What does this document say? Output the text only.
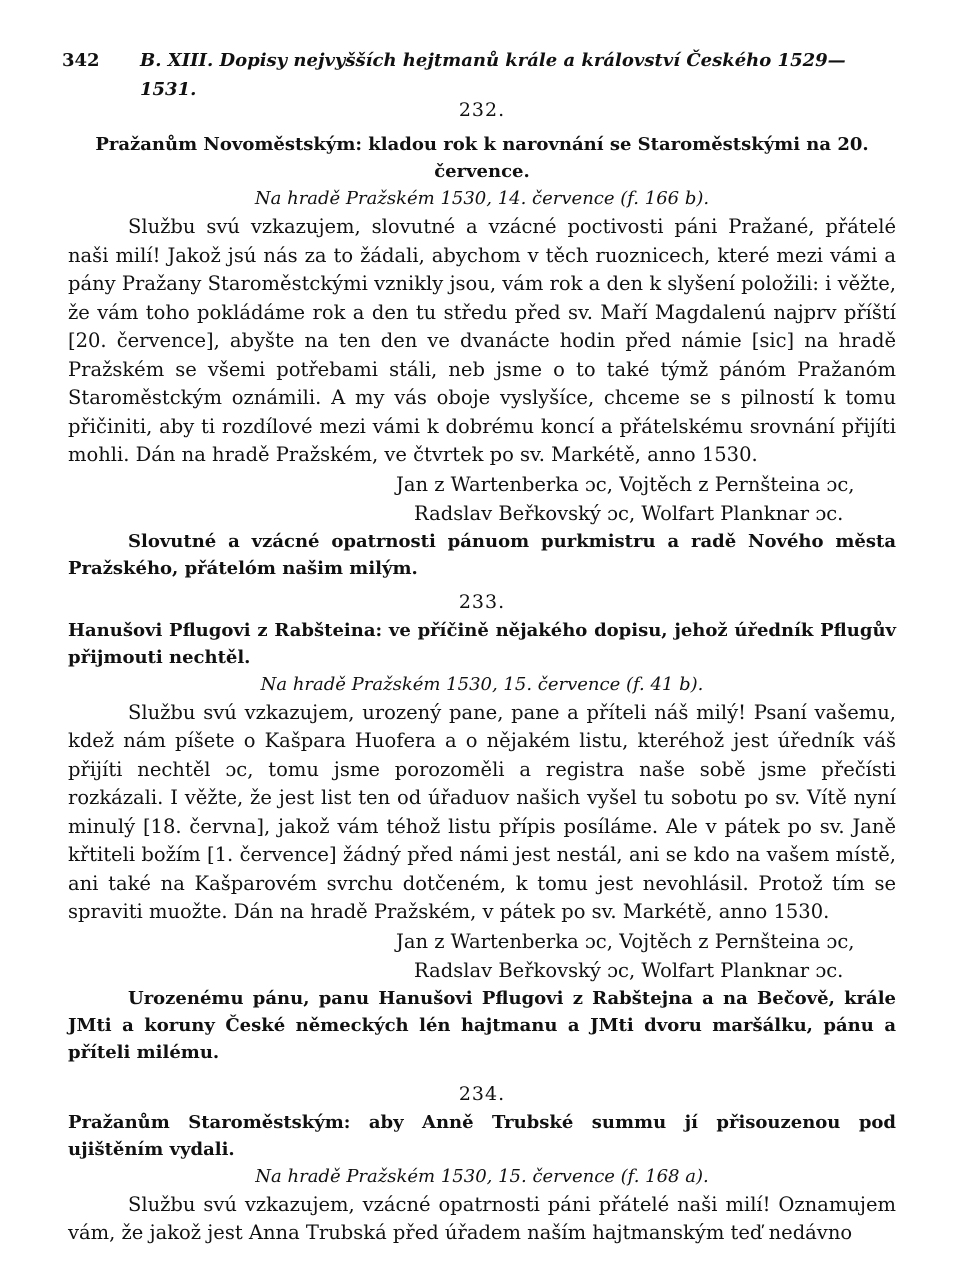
342	B. XIII. Dopisy nejvyšších hejtmanů krále a království Českého 1529—1531.

232.

Pražanům Novoměstským: kladou rok k narovnání se Staroměstskými na 20. července.

Na hradě Pražském 1530, 14. července (f. 166 b).

Službu svú vzkazujem, slovutné a vzácné poctivosti páni Pražané, přátelé naši milí! Jakož jsú nás za to žádali, abychom v těch ruoznicech, které mezi vámi a pány Pražany Staroměstckými vznikly jsou, vám rok a den k slyšení položili: i věžte, že vám toho pokládáme rok a den tu středu před sv. Maří Magdalenú najprv příští [20. července], abyšte na ten den ve dvanácte hodin před námie [sic] na hradě Pražském se všemi potřebami stáli, neb jsme o to také týmž pánóm Pražanóm Staroměstckým oznámili. A my vás oboje vyslyšíce, chceme se s pilností k tomu přičiniti, aby ti rozdílové mezi vámi k dobrému koncí a přátelskému srovnání přijíti mohli. Dán na hradě Pražském, ve čtvrtek po sv. Markétě, anno 1530.

Jan z Wartenberka ɔc, Vojtěch z Pernšteina ɔc,

Radslav Beřkovský ɔc, Wolfart Planknar ɔc.

Slovutné a vzácné opatrnosti pánuom purkmistru a radě Nového města Pražského, přátelóm našim milým.

233.

Hanušovi Pflugovi z Rabšteina: ve příčině nějakého dopisu, jehož úředník Pflugův přijmouti nechtěl.

Na hradě Pražském 1530, 15. července (f. 41 b).

Službu svú vzkazujem, urozený pane, pane a příteli náš milý! Psaní vašemu, kdež nám píšete o Kašpara Huofera a o nějakém listu, kteréhož jest úředník váš přijíti nechtěl ɔc, tomu jsme porozoměli a registra naše sobě jsme přečísti rozkázali. I věžte, že jest list ten od úřaduov našich vyšel tu sobotu po sv. Vítě nyní minulý [18. června], jakož vám téhož listu přípis posíláme. Ale v pátek po sv. Janě křtiteli božím [1. července] žádný před námi jest nestál, ani se kdo na vašem místě, ani také na Kašparovém svrchu dotčeném, k tomu jest nevohlásil. Protož tím se spraviti muožte. Dán na hradě Pražském, v pátek po sv. Markétě, anno 1530.

Jan z Wartenberka ɔc, Vojtěch z Pernšteina ɔc,

Radslav Beřkovský ɔc, Wolfart Planknar ɔc.

Urozenému pánu, panu Hanušovi Pflugovi z Rabštejna a na Bečově, krále JMti a koruny České německých lén hajtmanu a JMti dvoru maršálku, pánu a příteli milému.

234.

Pražanům Staroměstským: aby Anně Trubské summu jí přisouzenou pod ujištěním vydali.

Na hradě Pražském 1530, 15. července (f. 168 a).

Službu svú vzkazujem, vzácné opatrnosti páni přátelé naši milí! Oznamujem vám, že jakož jest Anna Trubská před úřadem naším hajtmanským teď nedávno
